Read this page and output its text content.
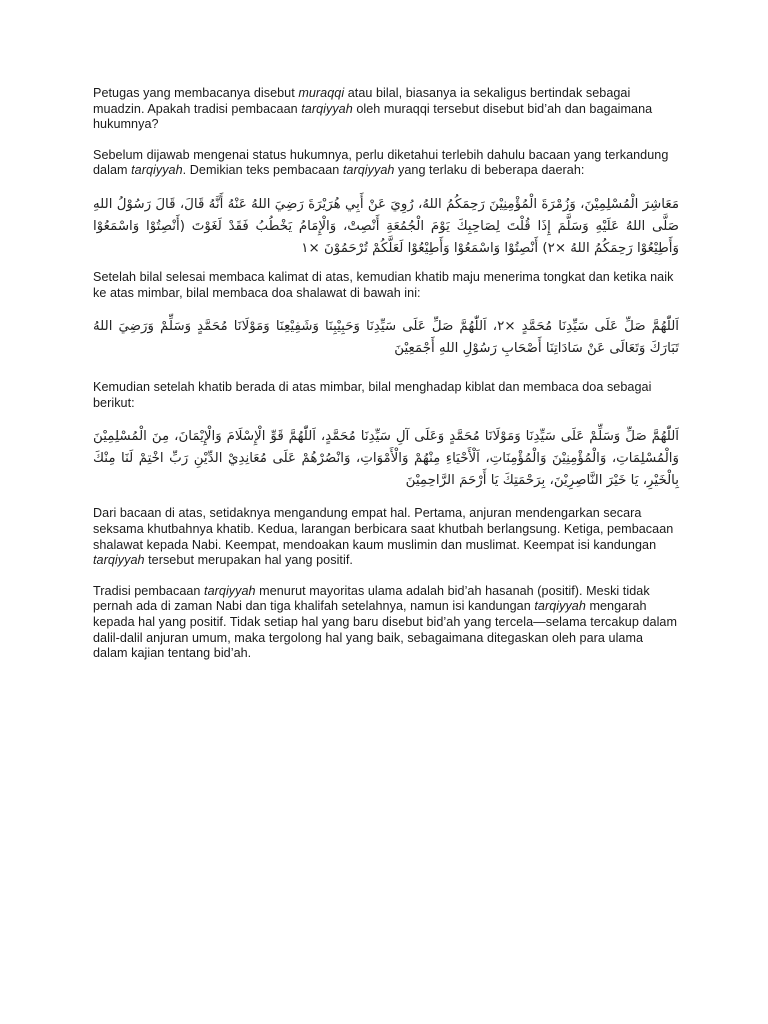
Petugas yang membacanya disebut muraqqi atau bilal, biasanya ia sekaligus bertindak sebagai muadzin. Apakah tradisi pembacaan tarqiyyah oleh muraqqi tersebut disebut bid’ah dan bagaimana hukumnya?

Sebelum dijawab mengenai status hukumnya, perlu diketahui terlebih dahulu bacaan yang terkandung dalam tarqiyyah. Demikian teks pembacaan tarqiyyah yang terlaku di beberapa daerah:

مَعَاشِرَ الْمُسْلِمِيْنَ، وَزُمْرَةَ الْمُؤْمِنِيْنَ رَحِمَكُمُ اللهُ، رُوِيَ عَنْ أَبِي هُرَيْرَةَ رَضِيَ اللهُ عَنْهُ أَنَّهُ قَالَ، قَالَ رَسُوْلُ اللهِ صَلَّى اللهُ عَلَيْهِ وَسَلَّمَ إِذَا قُلْتَ لِصَاحِبِكَ يَوْمَ الْجُمُعَةِ أَنْصِتْ، وَالْإِمَامُ يَخْطُبُ فَقَدْ لَغَوْتَ (أَنْصِتُوْا وَاسْمَعُوْا وَأَطِيْعُوْا رَحِمَكُمُ اللهُ ×٢) أَنْصِتُوْا وَاسْمَعُوْا وَأَطِيْعُوْا لَعَلَّكُمْ تُرْحَمُوْنَ ×١

Setelah bilal selesai membaca kalimat di atas, kemudian khatib maju menerima tongkat dan ketika naik ke atas mimbar, bilal membaca doa shalawat di bawah ini:

اَللّٰهُمَّ صَلِّ عَلَى سَيِّدِنَا مُحَمَّدٍ ×٢، اَللّٰهُمَّ صَلِّ عَلَى سَيِّدِنَا وَحَبِيْبِنَا وَشَفِيْعِنَا وَمَوْلَانَا مُحَمَّدٍ وَسَلِّمْ وَرَضِيَ اللهُ تَبَارَكَ وَتَعَالَى عَنْ سَادَاتِنَا أَصْحَابِ رَسُوْلِ اللهِ أَجْمَعِيْنَ

Kemudian setelah khatib berada di atas mimbar, bilal menghadap kiblat dan membaca doa sebagai berikut:

اَللّٰهُمَّ صَلِّ وَسَلِّمْ عَلَى سَيِّدِنَا وَمَوْلَانَا مُحَمَّدٍ وَعَلَى آلِ سَيِّدِنَا مُحَمَّدٍ، اَللّٰهُمَّ قَوِّ الْإِسْلَامَ وَالْإِيْمَانَ، مِنَ الْمُسْلِمِيْنَ وَالْمُسْلِمَاتِ، وَالْمُؤْمِنِيْنَ وَالْمُؤْمِنَاتِ، اَلْأَحْيَاءِ مِنْهُمْ وَالْأَمْوَاتِ، وَانْصُرْهُمْ عَلَى مُعَانِدِيْ الدِّيْنِ رَبِّ اخْتِمْ لَنَا مِنْكَ بِالْخَيْرِ، يَا خَيْرَ النَّاصِرِيْنَ، بِرَحْمَتِكَ يَا أَرْحَمَ الرَّاحِمِيْنَ

Dari bacaan di atas, setidaknya mengandung empat hal. Pertama, anjuran mendengarkan secara seksama khutbahnya khatib. Kedua, larangan berbicara saat khutbah berlangsung. Ketiga, pembacaan shalawat kepada Nabi. Keempat, mendoakan kaum muslimin dan muslimat. Keempat isi kandungan tarqiyyah tersebut merupakan hal yang positif.

Tradisi pembacaan tarqiyyah menurut mayoritas ulama adalah bid’ah hasanah (positif). Meski tidak pernah ada di zaman Nabi dan tiga khalifah setelahnya, namun isi kandungan tarqiyyah mengarah kepada hal yang positif. Tidak setiap hal yang baru disebut bid’ah yang tercela—selama tercakup dalam dalil-dalil anjuran umum, maka tergolong hal yang baik, sebagaimana ditegaskan oleh para ulama dalam kajian tentang bid’ah.
